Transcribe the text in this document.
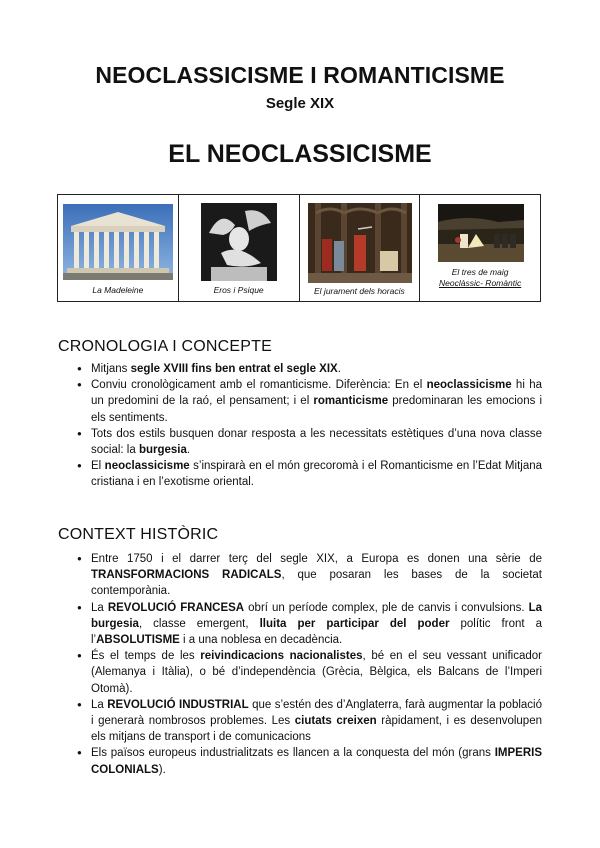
NEOCLASSICISME I ROMANTICISME
Segle XIX
EL NEOCLASSICISME
La Madeleine	Eros i Psique	El jurament dels horacis
El tres de maig
Neoclàssic- Romàntic
CRONOLOGIA I CONCEPTE
● Mitjans segle XVIII fins ben entrat el segle XIX.
● Conviu cronològicament amb el romanticisme. Diferència: En el neoclassicisme hi ha un predomini de la raó, el pensament; i el romanticisme predominaran les emocions i els sentiments.
● Tots dos estils busquen donar resposta a les necessitats estètiques d’una nova classe social: la burgesia.
● El neoclassicisme s’inspirarà en el món grecoromà i el Romanticisme en l’Edat Mitjana cristiana i en l’exotisme oriental.
CONTEXT HISTÒRIC
● Entre 1750 i el darrer terç del segle XIX, a Europa es donen una sèrie de TRANSFORMACIONS RADICALS, que posaran les bases de la societat contemporània.
● La REVOLUCIÓ FRANCESA obrí un període complex, ple de canvis i convulsions. La burgesia, classe emergent, lluita per participar del poder polític front a l’ABSOLUTISME i a una noblesa en decadència.
● És el temps de les reivindicacions nacionalistes, bé en el seu vessant unificador (Alemanya i Itàlia), o bé d’independència (Grècia, Bèlgica, els Balcans de l’Imperi Otomà).
● La REVOLUCIÓ INDUSTRIAL que s’estén des d’Anglaterra, farà augmentar la població i generarà nombrosos problemes. Les ciutats creixen ràpidament, i es desenvolupen els mitjans de transport i de comunicacions
● Els països europeus industrialitzats es llancen a la conquesta del món (grans IMPERIS COLONIALS).
